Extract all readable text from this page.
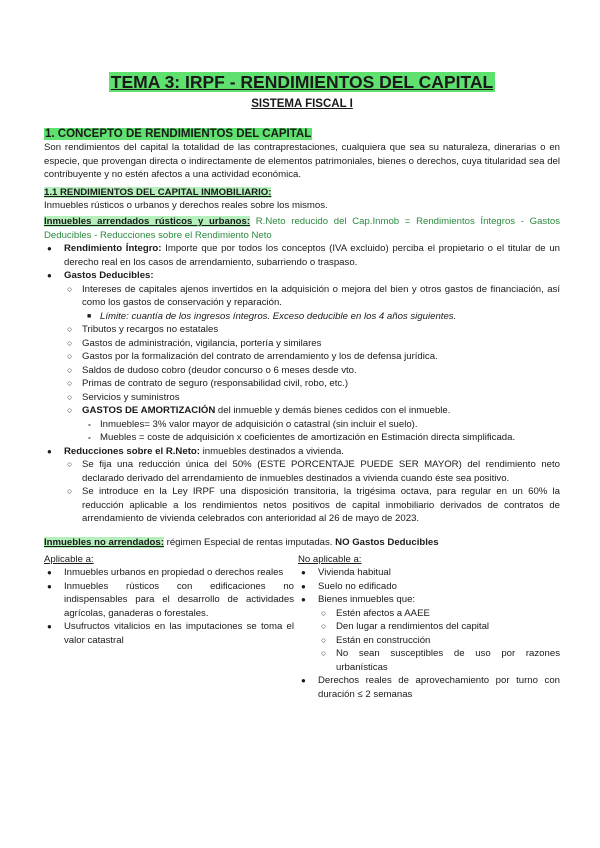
TEMA 3: IRPF - RENDIMIENTOS DEL CAPITAL
SISTEMA FISCAL I
1. CONCEPTO DE RENDIMIENTOS DEL CAPITAL

Son rendimientos del capital la totalidad de las contraprestaciones, cualquiera que sea su naturaleza, dinerarias o en especie, que provengan directa o indirectamente de elementos patrimoniales, bienes o derechos, cuya titularidad sea del contribuyente y no estén afectos a una actividad económica.

1.1 RENDIMIENTOS DEL CAPITAL INMOBILIARIO:

Inmuebles rústicos o urbanos y derechos reales sobre los mismos.

Inmuebles arrendados rústicos y urbanos: R.Neto reducido del Cap.Inmob = Rendimientos Íntegros - Gastos Deducibles - Reducciones sobre el Rendimiento Neto

● Rendimiento Íntegro: Importe que por todos los conceptos (IVA excluido) perciba el propietario o el titular de un derecho real en los casos de arrendamiento, subarriendo o traspaso.
● Gastos Deducibles:
○ Intereses de capitales ajenos invertidos en la adquisición o mejora del bien y otros gastos de financiación, así como los gastos de conservación y reparación.
■ Límite: cuantía de los ingresos íntegros. Exceso deducible en los 4 años siguientes.
○ Tributos y recargos no estatales
○ Gastos de administración, vigilancia, portería y similares
○ Gastos por la formalización del contrato de arrendamiento y los de defensa jurídica.
○ Saldos de dudoso cobro (deudor concurso o 6 meses desde vto.
○ Primas de contrato de seguro (responsabilidad civil, robo, etc.)
○ Servicios y suministros
○ GASTOS DE AMORTIZACIÓN del inmueble y demás bienes cedidos con el inmueble.
- Inmuebles= 3% valor mayor de adquisición o catastral (sin incluir el suelo).
- Muebles = coste de adquisición x coeficientes de amortización en Estimación directa simplificada.
● Reducciones sobre el R.Neto: inmuebles destinados a vivienda.
○ Se fija una reducción única del 50% (ESTE PORCENTAJE PUEDE SER MAYOR) del rendimiento neto declarado derivado del arrendamiento de inmuebles destinados a vivienda cuando éste sea positivo.
○ Se introduce en la Ley IRPF una disposición transitoria, la trigésima octava, para regular en un 60% la reducción aplicable a los rendimientos netos positivos de capital inmobiliario derivados de contratos de arrendamiento de vivienda celebrados con anterioridad al 26 de mayo de 2023.

Inmuebles no arrendados: régimen Especial de rentas imputadas. NO Gastos Deducibles

Aplicable a:
● Inmuebles urbanos en propiedad o derechos reales
● Inmuebles rústicos con edificaciones no indispensables para el desarrollo de actividades agrícolas, ganaderas o forestales.
● Usufructos vitalicios en las imputaciones se toma el valor catastral
No aplicable a:
● Vivienda habitual
● Suelo no edificado
● Bienes inmuebles que:
○ Estén afectos a AAEE
○ Den lugar a rendimientos del capital
○ Están en construcción
○ No sean susceptibles de uso por razones urbanísticas
● Derechos reales de aprovechamiento por turno con duración ≤ 2 semanas
